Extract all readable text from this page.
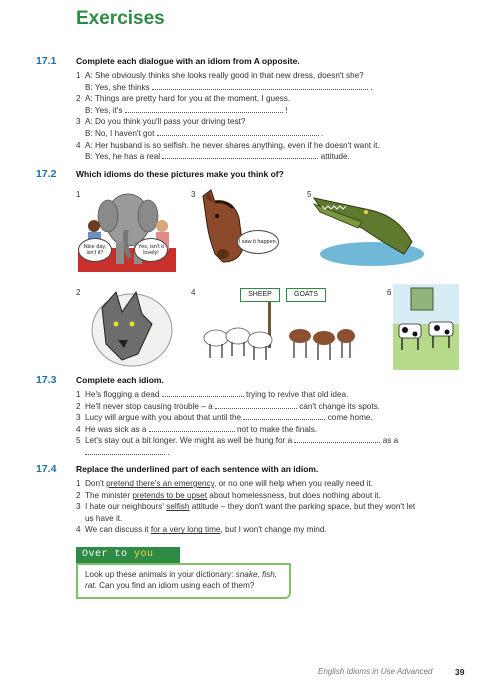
Exercises
17.1 Complete each dialogue with an idiom from A opposite.
1 A: She obviously thinks she looks really good in that new dress, doesn't she?
B: Yes, she thinks	.
2 A: Things are pretty hard for you at the moment, I guess.
B: Yes, it's	!
3 A: Do you think you'll pass your driving test?
B: No, I haven't got	.
4 A: Her husband is so selfish. he never shares anything, even if he doesn't want it.
B: Yes, he has a real	attitude.
17.2 Which idioms do these pictures make you think of?
1
Nice day, isn't it?
Yes, isn't it lovely!
3
I saw it happen.
5
2	4	SHEEP	GOATS	6
17.3 Complete each idiom.
1 He's flogging a dead	trying to revive that old idea.
2 He'll never stop causing trouble – a	can't change its spots.
3 Lucy will argue with you about that until the	come home.
4 He was sick as a	not to make the finals.
5 Let's stay out a bit longer. We might as well be hung for a	as a
.
17.4 Replace the underlined part of each sentence with an idiom.
1 Don't pretend there's an emergency, or no one will help when you really need it.
2 The minister pretends to be upset about homelessness, but does nothing about it.
3 I hate our neighbours' selfish attitude – they don't want the parking space, but they won't let
us have it.
4 We can discuss it for a very long time, but I won't change my mind.
Over to you
Look up these animals in your dictionary: snake, fish, rat. Can you find an idiom using each of them?
English Idioms in Use Advanced	39
